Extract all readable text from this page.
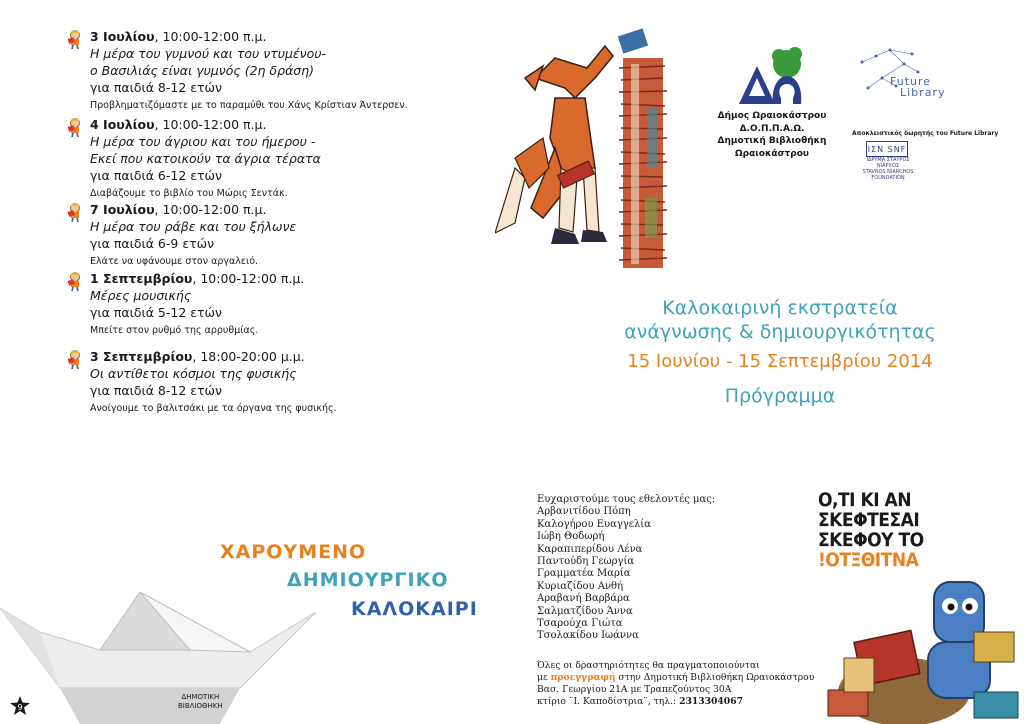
3 Ιουλίου, 10:00-12:00 π.μ.
Η μέρα του γυμνού και του ντυμένου-
ο Βασιλιάς είναι γυμνός (2η δράση)
για παιδιά 8-12 ετών
Προβληματιζόμαστε με το παραμύθι του Χάνς Κρίστιαν Άντερσεν.
4 Ιουλίου, 10:00-12:00 π.μ.
Η μέρα του άγριου και του ήμερου -
Εκεί που κατοικούν τα άγρια τέρατα
για παιδιά 6-12 ετών
Διαβάζουμε το βιβλίο του Μώρις Σεντάκ.
7 Ιουλίου, 10:00-12:00 π.μ.
Η μέρα του ράβε και του ξήλωνε
για παιδιά 6-9 ετών
Ελάτε να υφάνουμε στον αργαλειό.
1 Σεπτεμβρίου, 10:00-12:00 π.μ.
Μέρες μουσικής
για παιδιά 5-12 ετών
Μπείτε στον ρυθμό της αρρυθμίας.
3 Σεπτεμβρίου, 18:00-20:00 μ.μ.
Οι αντίθετοι κόσμοι της φυσικής
για παιδιά 8-12 ετών
Ανοίγουμε το βαλιτσάκι με τα όργανα της φυσικής.
Δήμος Ωραιοκάστρου
Δ.Ο.Π.Π.Α.Ω.
Δημοτική Βιβλιοθήκη
Ωραιοκάστρου
Future
Library
Αποκλειστικός δωρητής του Future Library
ΙΣΝ SNF
ΙΔΡΥΜΑ ΣΤΑΥΡΟΣ ΝΙΑΡΧΟΣ
STAVROS NIARCHOS
FOUNDATION
Καλοκαιρινή εκστρατεία
ανάγνωσης & δημιουργικότητας
15 Ιουνίου - 15 Σεπτεμβρίου 2014
Πρόγραμμα
ΧΑΡΟΥΜΕΝΟ
ΔΗΜΙΟΥΡΓΙΚΟ
ΚΑΛΟΚΑΙΡΙ
ΔΗΜΟΤΙΚΗ
ΒΙΒΛΙΟΘΗΚΗ
9
Ευχαριστούμε τους εθελοντές μας:
Αρβανιτίδου Πόπη
Καλογήρου Ευαγγελία
Ιώβη Θοδωρή
Καραπιπερίδου Λένα
Παντούδη Γεωργία
Γραμματέα Μαρία
Κυριαζίδου Ανθή
Αραβανή Βαρβάρα
Σαλματζίδου Άννα
Τσαρούχα Γιώτα
Τσολακίδου Ιωάννα
Όλες οι δραστηριότητες θα πραγματοποιούνται
με προεγγραφή στην Δημοτική Βιβλιοθήκη Ωραιοκάστρου
Βασ. Γεωργίου 21Α με Τραπεζούντος 30Α
κτίριο ¨Ι. Καποδίστρια¨, τηλ.: 2313304067
Ο,ΤΙ ΚΙ ΑΝ
ΣΚΕΦΤΕΣΑΙ
ΣΚΕΦΟΥ ΤΟ
!ΟΤΞΘΙΤΝΑ
